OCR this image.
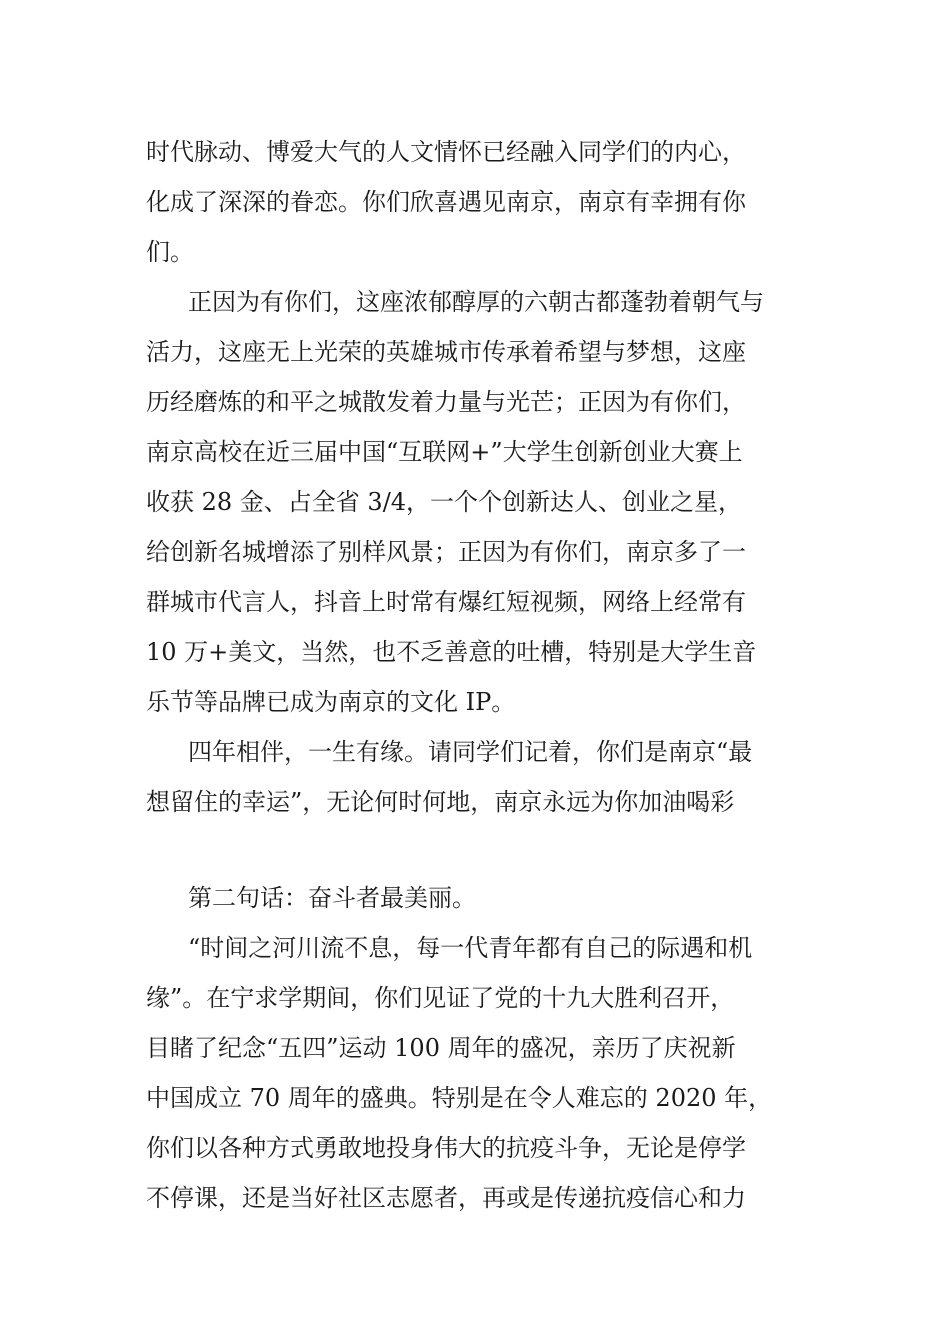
时代脉动、博爱大气的人文情怀已经融入同学们的内心，
化成了深深的眷恋。你们欣喜遇见南京，南京有幸拥有你
们。
正因为有你们，这座浓郁醇厚的六朝古都蓬勃着朝气与
活力，这座无上光荣的英雄城市传承着希望与梦想，这座
历经磨炼的和平之城散发着力量与光芒；正因为有你们，
南京高校在近三届中国“互联网+”大学生创新创业大赛上
收获 28 金、占全省 3/4，一个个创新达人、创业之星，
给创新名城增添了别样风景；正因为有你们，南京多了一
群城市代言人，抖音上时常有爆红短视频，网络上经常有
10 万+美文，当然，也不乏善意的吐槽，特别是大学生音
乐节等品牌已成为南京的文化 IP。
四年相伴，一生有缘。请同学们记着，你们是南京“最
想留住的幸运”，无论何时何地，南京永远为你加油喝彩
第二句话：奋斗者最美丽。
“时间之河川流不息，每一代青年都有自己的际遇和机
缘”。在宁求学期间，你们见证了党的十九大胜利召开，
目睹了纪念“五四”运动 100 周年的盛况，亲历了庆祝新
中国成立 70 周年的盛典。特别是在令人难忘的 2020 年，
你们以各种方式勇敢地投身伟大的抗疫斗争，无论是停学
不停课，还是当好社区志愿者，再或是传递抗疫信心和力
